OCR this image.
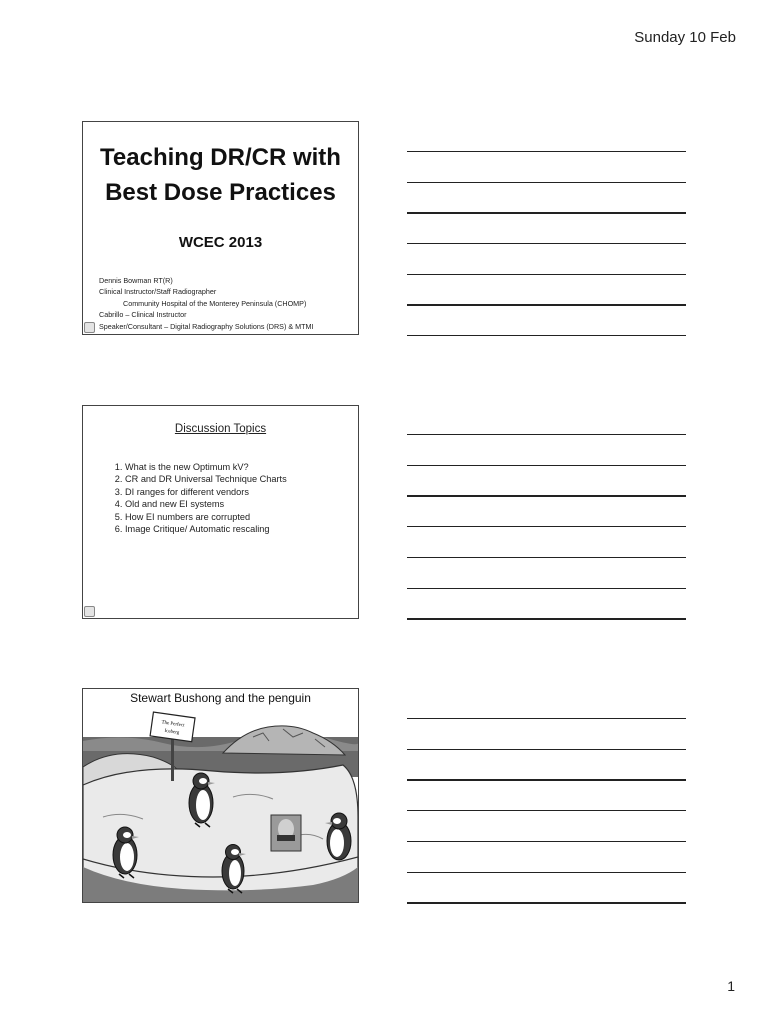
Sunday 10 Feb
Teaching DR/CR with
Best Dose Practices
WCEC 2013
Dennis Bowman RT(R)
Clinical Instructor/Staff Radiographer
Community Hospital of the Monterey Peninsula (CHOMP)
Cabrillo – Clinical Instructor
Speaker/Consultant – Digital Radiography Solutions (DRS) & MTMI
Discussion Topics
1. What is the new Optimum kV?
2. CR and DR Universal Technique Charts
3. DI ranges for different vendors
4. Old and new EI systems
5. How EI numbers are corrupted
6. Image Critique/ Automatic rescaling
Stewart Bushong and the penguin
The Perfect
Iceberg
1
